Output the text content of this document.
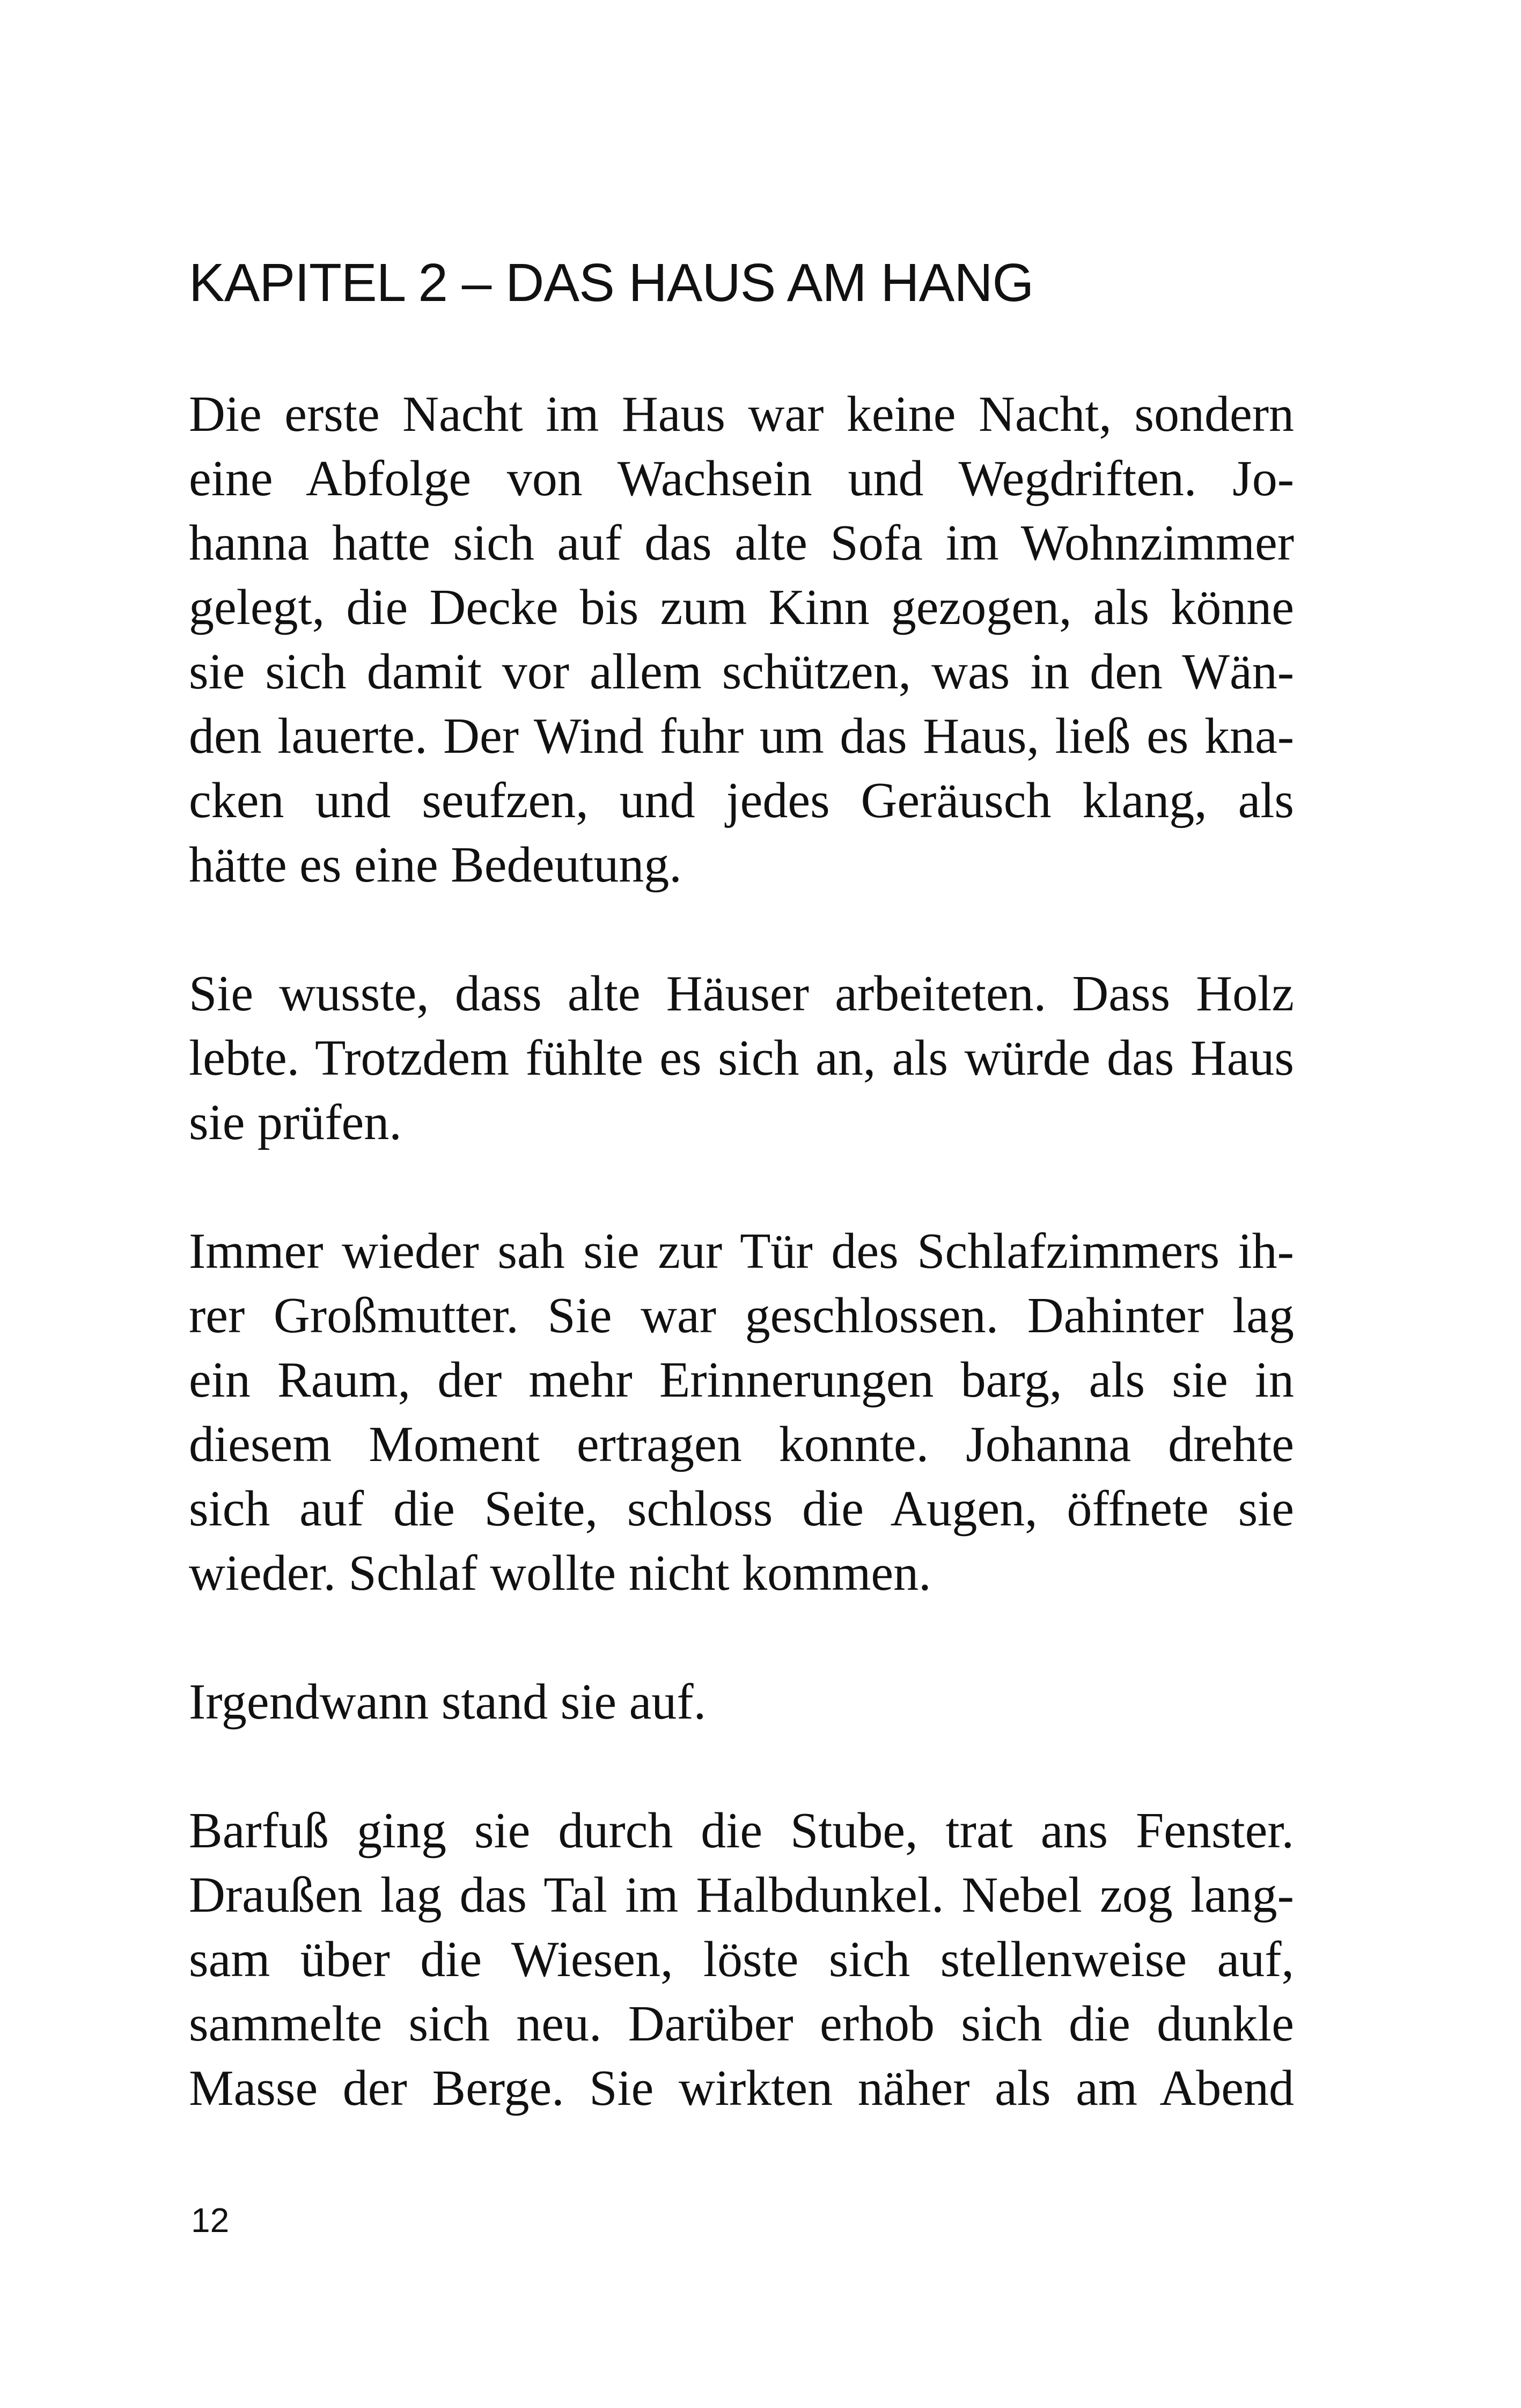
KAPITEL 2 – DAS HAUS AM HANG

Die erste Nacht im Haus war keine Nacht, sondern
eine Abfolge von Wachsein und Wegdriften. Jo-
hanna hatte sich auf das alte Sofa im Wohnzimmer
gelegt, die Decke bis zum Kinn gezogen, als könne
sie sich damit vor allem schützen, was in den Wän-
den lauerte. Der Wind fuhr um das Haus, ließ es kna-
cken und seufzen, und jedes Geräusch klang, als
hätte es eine Bedeutung.

Sie wusste, dass alte Häuser arbeiteten. Dass Holz
lebte. Trotzdem fühlte es sich an, als würde das Haus
sie prüfen.

Immer wieder sah sie zur Tür des Schlafzimmers ih-
rer Großmutter. Sie war geschlossen. Dahinter lag
ein Raum, der mehr Erinnerungen barg, als sie in
diesem Moment ertragen konnte. Johanna drehte
sich auf die Seite, schloss die Augen, öffnete sie
wieder. Schlaf wollte nicht kommen.

Irgendwann stand sie auf.

Barfuß ging sie durch die Stube, trat ans Fenster.
Draußen lag das Tal im Halbdunkel. Nebel zog lang-
sam über die Wiesen, löste sich stellenweise auf,
sammelte sich neu. Darüber erhob sich die dunkle
Masse der Berge. Sie wirkten näher als am Abend

12
